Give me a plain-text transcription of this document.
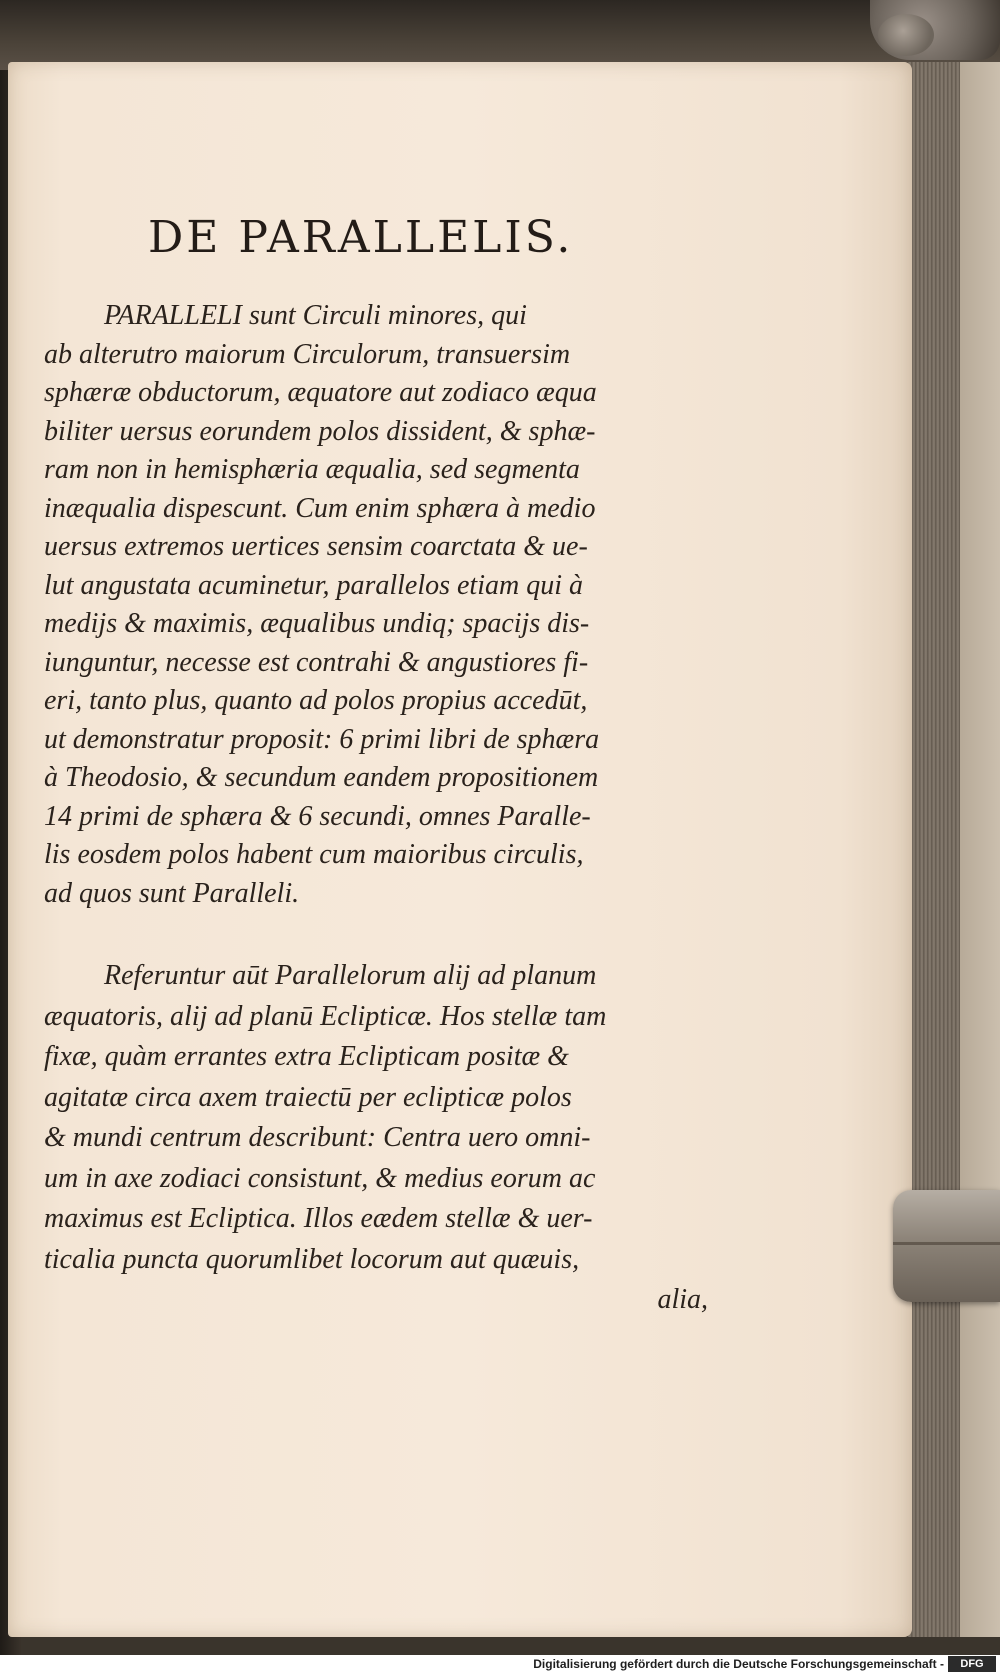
DE PARALLELIS.
PARALLELI sunt Circuli minores, qui
ab alterutro maiorum Circulorum, transuersim
sphæræ obductorum, æquatore aut zodiaco æqua
biliter uersus eorundem polos dissident, & sphæ-
ram non in hemisphæria æqualia, sed segmenta
inæqualia dispescunt. Cum enim sphæra à medio
uersus extremos uertices sensim coarctata & ue-
lut angustata acuminetur, parallelos etiam qui à
medijs & maximis, æqualibus undiq; spacijs dis-
iunguntur, necesse est contrahi & angustiores fi-
eri, tanto plus, quanto ad polos propius accedūt,
ut demonstratur proposit: 6 primi libri de sphæra
à Theodosio, & secundum eandem propositionem
14 primi de sphæra & 6 secundi, omnes Paralle-
lis eosdem polos habent cum maioribus circulis,
ad quos sunt Paralleli.
Referuntur aūt Parallelorum alij ad planum
æquatoris, alij ad planū Eclipticæ. Hos stellæ tam
fixæ, quàm errantes extra Eclipticam positæ &
agitatæ circa axem traiectū per eclipticæ polos
& mundi centrum describunt: Centra uero omni-
um in axe zodiaci consistunt, & medius eorum ac
maximus est Ecliptica. Illos eædem stellæ & uer-
ticalia puncta quorumlibet locorum aut quæuis,
alia,
Digitalisierung gefördert durch die Deutsche Forschungsgemeinschaft -	DFG
